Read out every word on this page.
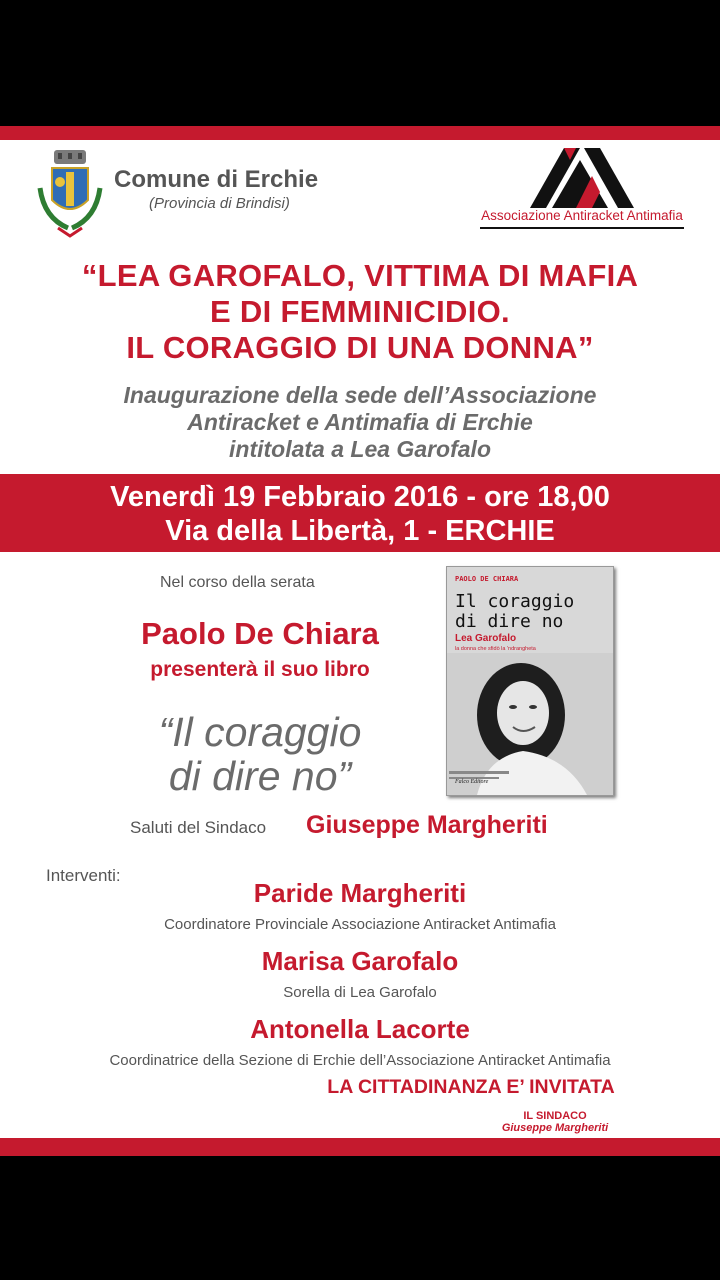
Comune di Erchie
(Provincia di Brindisi)
Associazione Antiracket Antimafia
“LEA GAROFALO, VITTIMA DI MAFIA
E DI FEMMINICIDIO.
IL CORAGGIO DI UNA DONNA”
Inaugurazione della sede dell’Associazione
Antiracket e Antimafia di Erchie
intitolata a Lea Garofalo
Venerdì 19 Febbraio 2016 - ore 18,00
Via della Libertà, 1 - ERCHIE
Nel corso della serata
Paolo De Chiara
presenterà il suo libro
“Il coraggio
di dire no”
PAOLO DE CHIARA
Il coraggio
di dire no
Lea Garofalo
la donna che sfidò la 'ndrangheta
Falco Editore
Saluti del Sindaco Giuseppe Margheriti
Interventi:
Paride Margheriti
Coordinatore Provinciale Associazione Antiracket Antimafia
Marisa Garofalo
Sorella di Lea Garofalo
Antonella Lacorte
Coordinatrice della Sezione di Erchie dell’Associazione Antiracket Antimafia
LA CITTADINANZA E’ INVITATA
IL SINDACO
Giuseppe Margheriti
